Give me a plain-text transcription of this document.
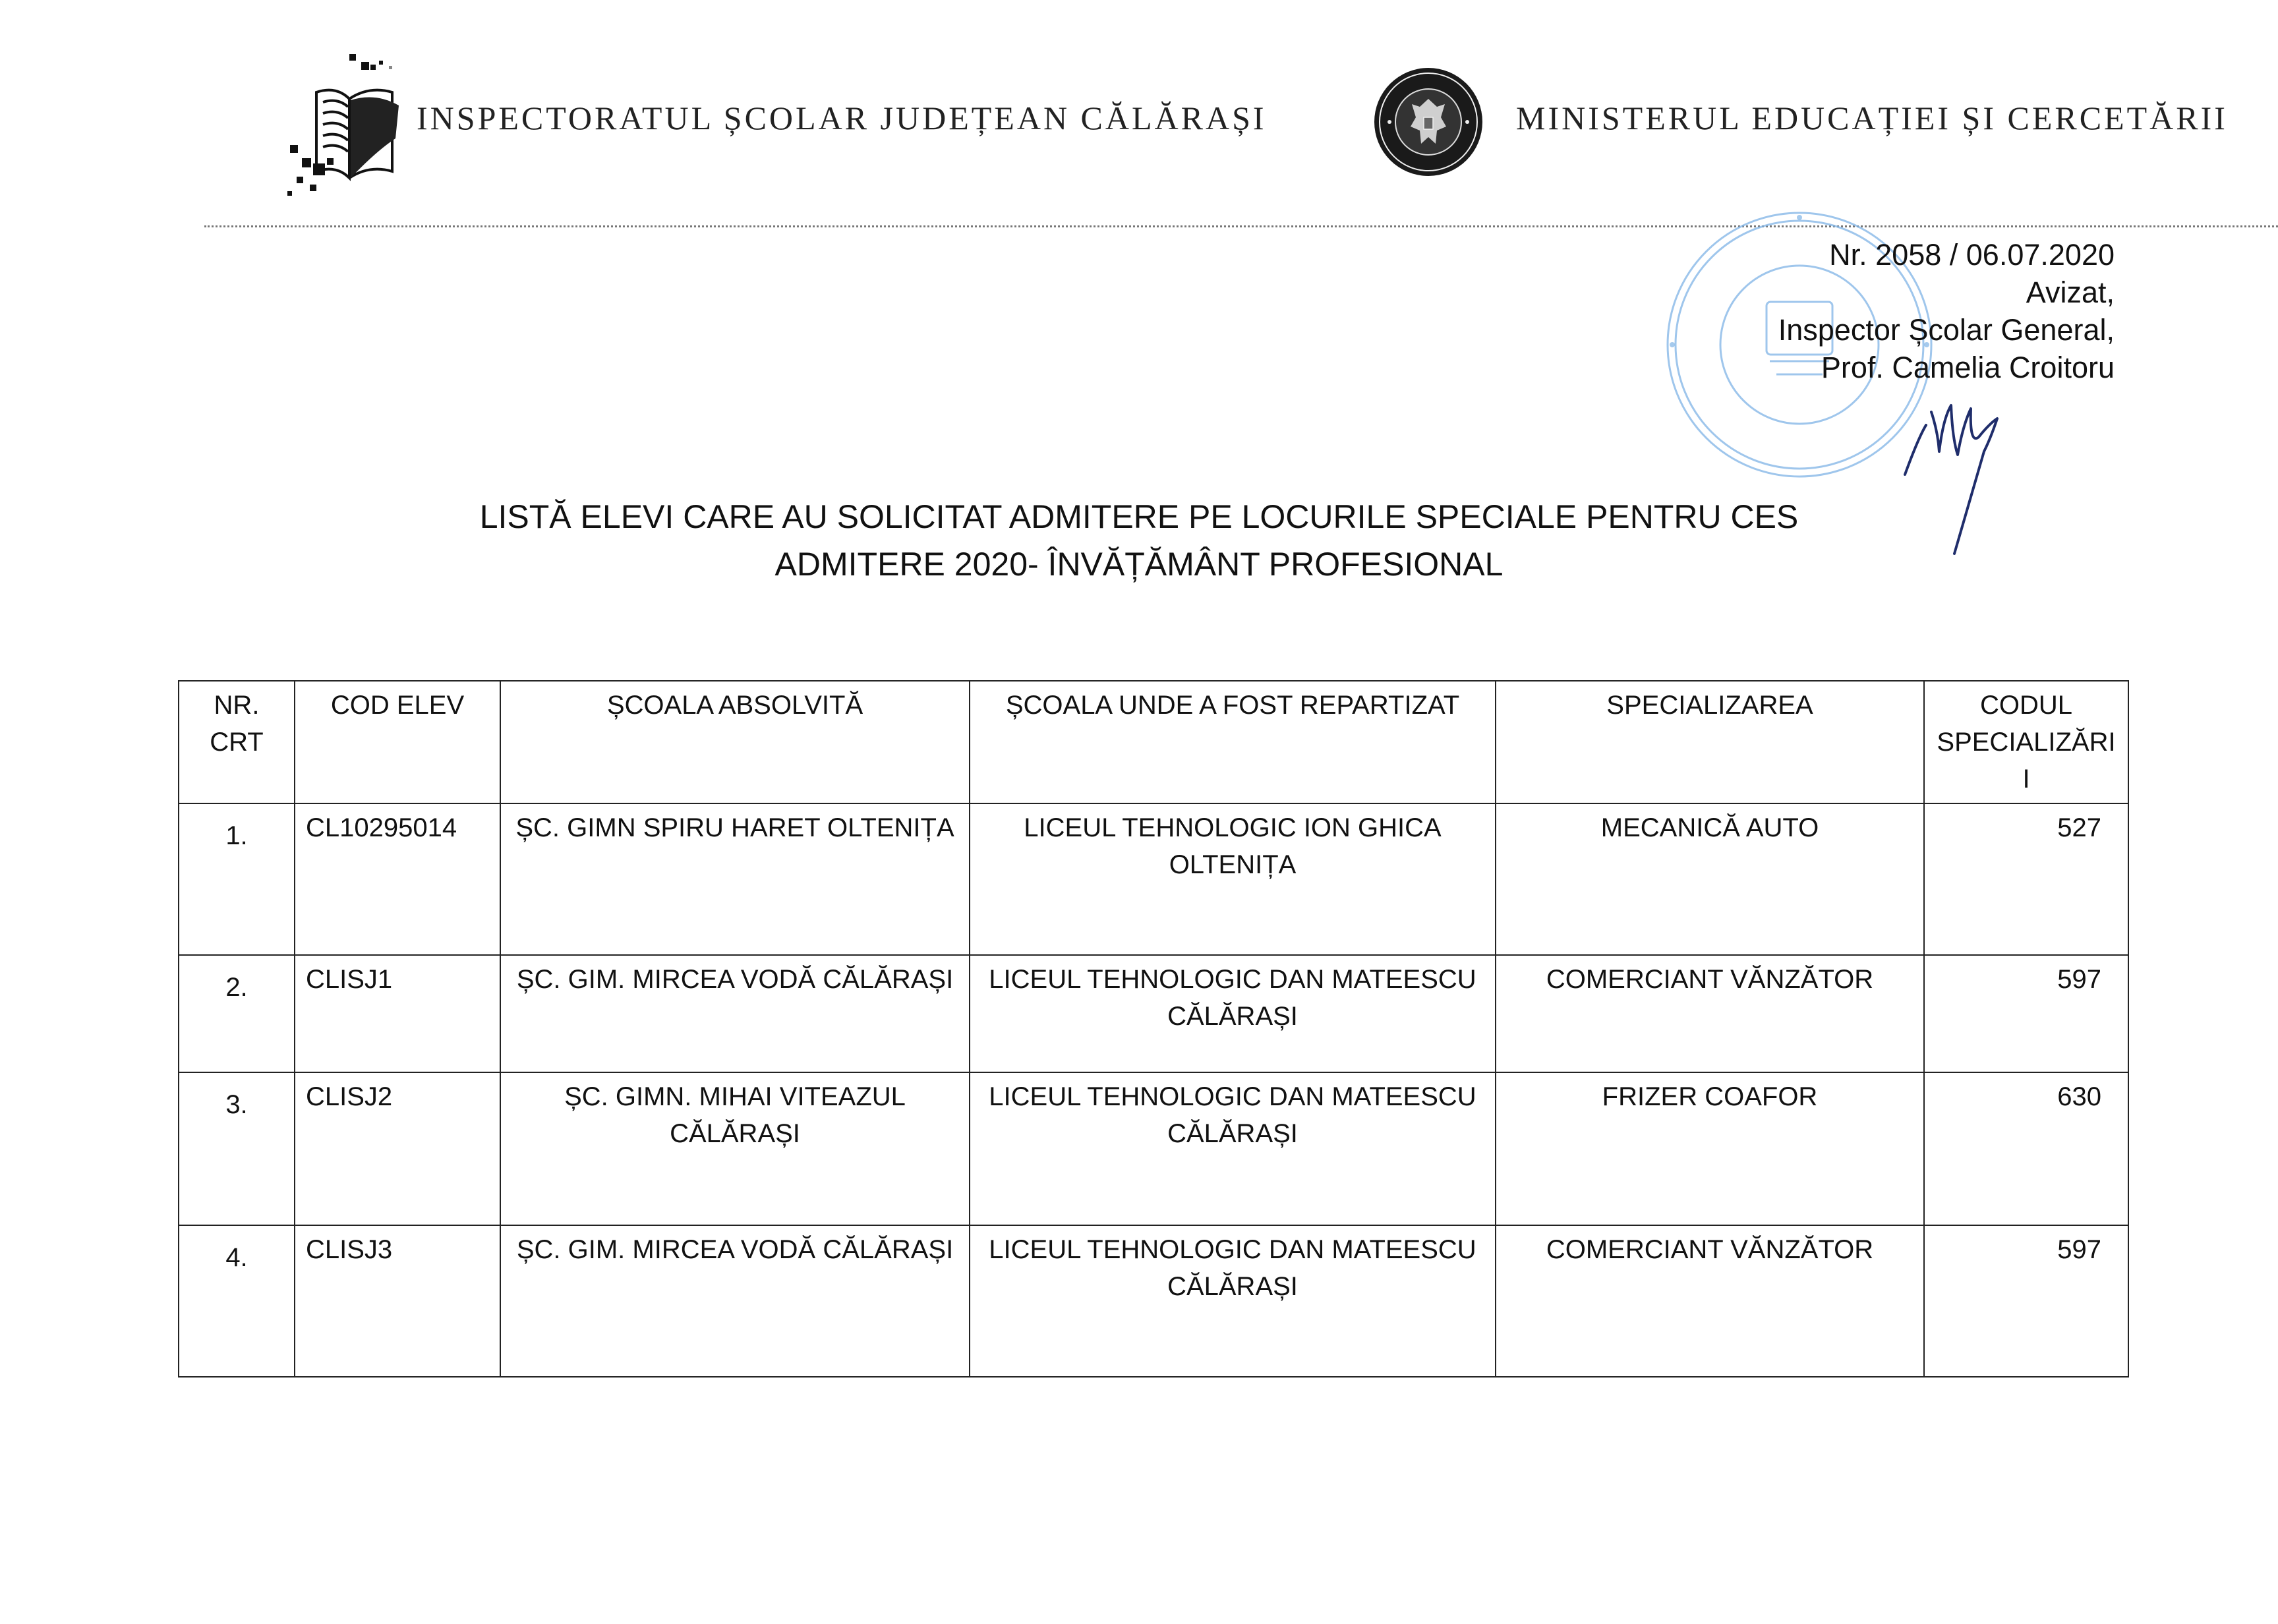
INSPECTORATUL ȘCOLAR JUDEȚEAN CĂLĂRAȘI	MINISTERUL EDUCAȚIEI ȘI CERCETĂRII
Nr. 2058 / 06.07.2020
Avizat,
Inspector Școlar General,
Prof. Camelia Croitoru
LISTĂ ELEVI CARE AU SOLICITAT ADMITERE PE LOCURILE SPECIALE PENTRU CES
ADMITERE 2020- ÎNVĂȚĂMÂNT PROFESIONAL
NR. CRT	COD ELEV	ȘCOALA ABSOLVITĂ	ȘCOALA UNDE A FOST REPARTIZAT	SPECIALIZAREA	CODUL SPECIALIZĂRII
1.	CL10295014	ȘC. GIMN SPIRU HARET OLTENIȚA	LICEUL TEHNOLOGIC ION GHICA OLTENIȚA	MECANICĂ AUTO	527
2.	CLISJ1	ȘC. GIM. MIRCEA VODĂ CĂLĂRAȘI	LICEUL TEHNOLOGIC DAN MATEESCU CĂLĂRAȘI	COMERCIANT VĂNZĂTOR	597
3.	CLISJ2	ȘC. GIMN. MIHAI VITEAZUL CĂLĂRAȘI	LICEUL TEHNOLOGIC DAN MATEESCU CĂLĂRAȘI	FRIZER COAFOR	630
4.	CLISJ3	ȘC. GIM. MIRCEA VODĂ CĂLĂRAȘI	LICEUL TEHNOLOGIC DAN MATEESCU CĂLĂRAȘI	COMERCIANT VĂNZĂTOR	597
